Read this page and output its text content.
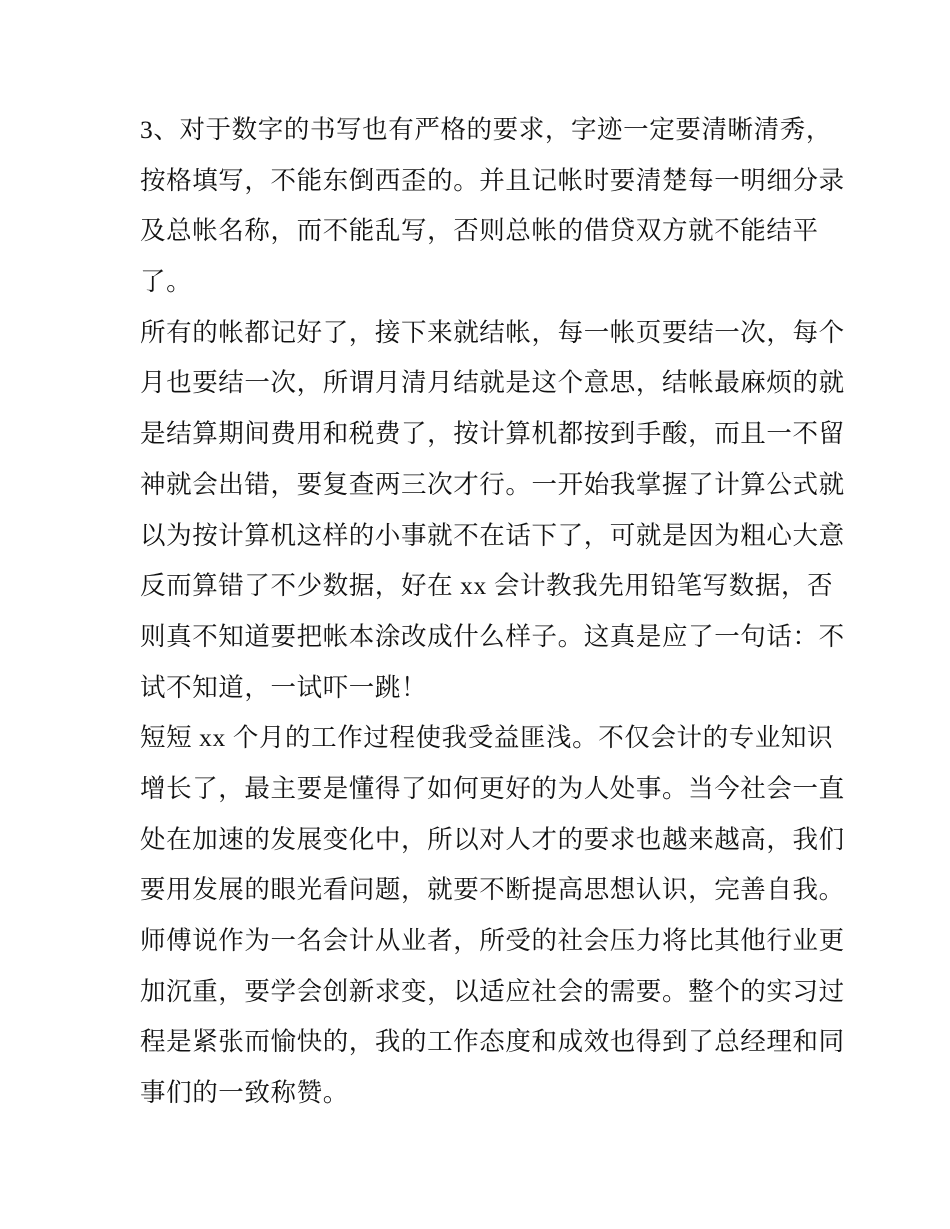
3、对于数字的书写也有严格的要求，字迹一定要清晰清秀，
按格填写，不能东倒西歪的。并且记帐时要清楚每一明细分录
及总帐名称，而不能乱写，否则总帐的借贷双方就不能结平
了。
所有的帐都记好了，接下来就结帐，每一帐页要结一次，每个
月也要结一次，所谓月清月结就是这个意思，结帐最麻烦的就
是结算期间费用和税费了，按计算机都按到手酸，而且一不留
神就会出错，要复查两三次才行。一开始我掌握了计算公式就
以为按计算机这样的小事就不在话下了，可就是因为粗心大意
反而算错了不少数据，好在 xx 会计教我先用铅笔写数据，否
则真不知道要把帐本涂改成什么样子。这真是应了一句话：不
试不知道，一试吓一跳！
短短 xx 个月的工作过程使我受益匪浅。不仅会计的专业知识
增长了，最主要是懂得了如何更好的为人处事。当今社会一直
处在加速的发展变化中，所以对人才的要求也越来越高，我们
要用发展的眼光看问题，就要不断提高思想认识，完善自我。
师傅说作为一名会计从业者，所受的社会压力将比其他行业更
加沉重，要学会创新求变，以适应社会的需要。整个的实习过
程是紧张而愉快的，我的工作态度和成效也得到了总经理和同
事们的一致称赞。
